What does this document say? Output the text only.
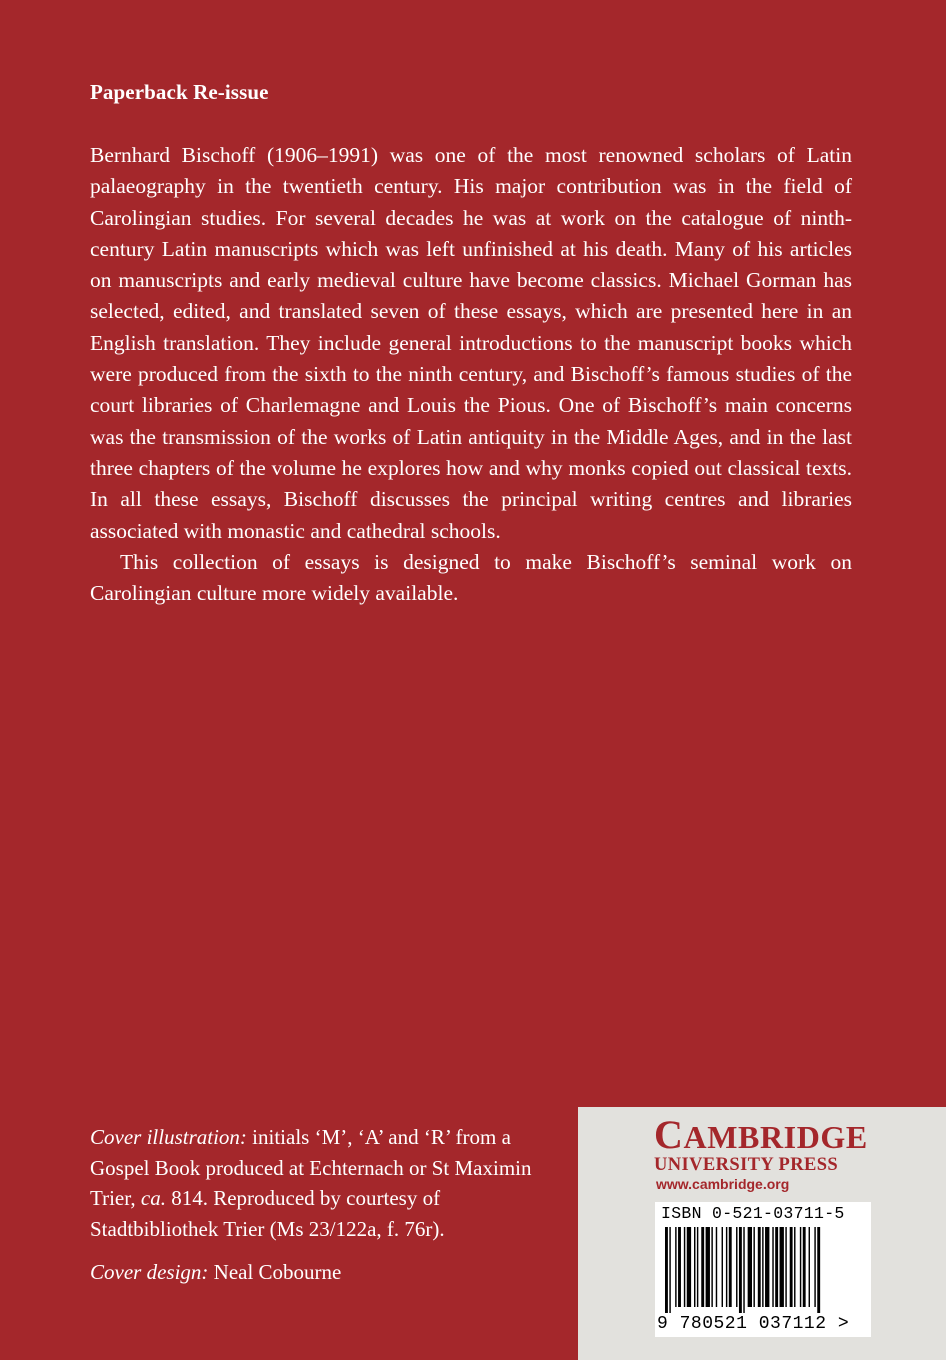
Paperback Re-issue

Bernhard Bischoff (1906–1991) was one of the most renowned scholars of Latin palaeography in the twentieth century. His major contribution was in the field of Carolingian studies. For several decades he was at work on the catalogue of ninth-century Latin manuscripts which was left unfinished at his death. Many of his articles on manuscripts and early medieval culture have become classics. Michael Gorman has selected, edited, and translated seven of these essays, which are presented here in an English translation. They include general introductions to the manuscript books which were produced from the sixth to the ninth century, and Bischoff’s famous studies of the court libraries of Charlemagne and Louis the Pious. One of Bischoff’s main concerns was the transmission of the works of Latin antiquity in the Middle Ages, and in the last three chapters of the volume he explores how and why monks copied out classical texts. In all these essays, Bischoff discusses the principal writing centres and libraries associated with monastic and cathedral schools.

This collection of essays is designed to make Bischoff’s seminal work on Carolingian culture more widely available.

Cover illustration: initials ‘M’, ‘A’ and ‘R’ from a Gospel Book produced at Echternach or St Maximin Trier, ca. 814. Reproduced by courtesy of Stadtbibliothek Trier (Ms 23/122a, f. 76r).

Cover design: Neal Cobourne

CAMBRIDGE
UNIVERSITY PRESS
www.cambridge.org
ISBN 0-521-03711-5
9 780521 037112 >
